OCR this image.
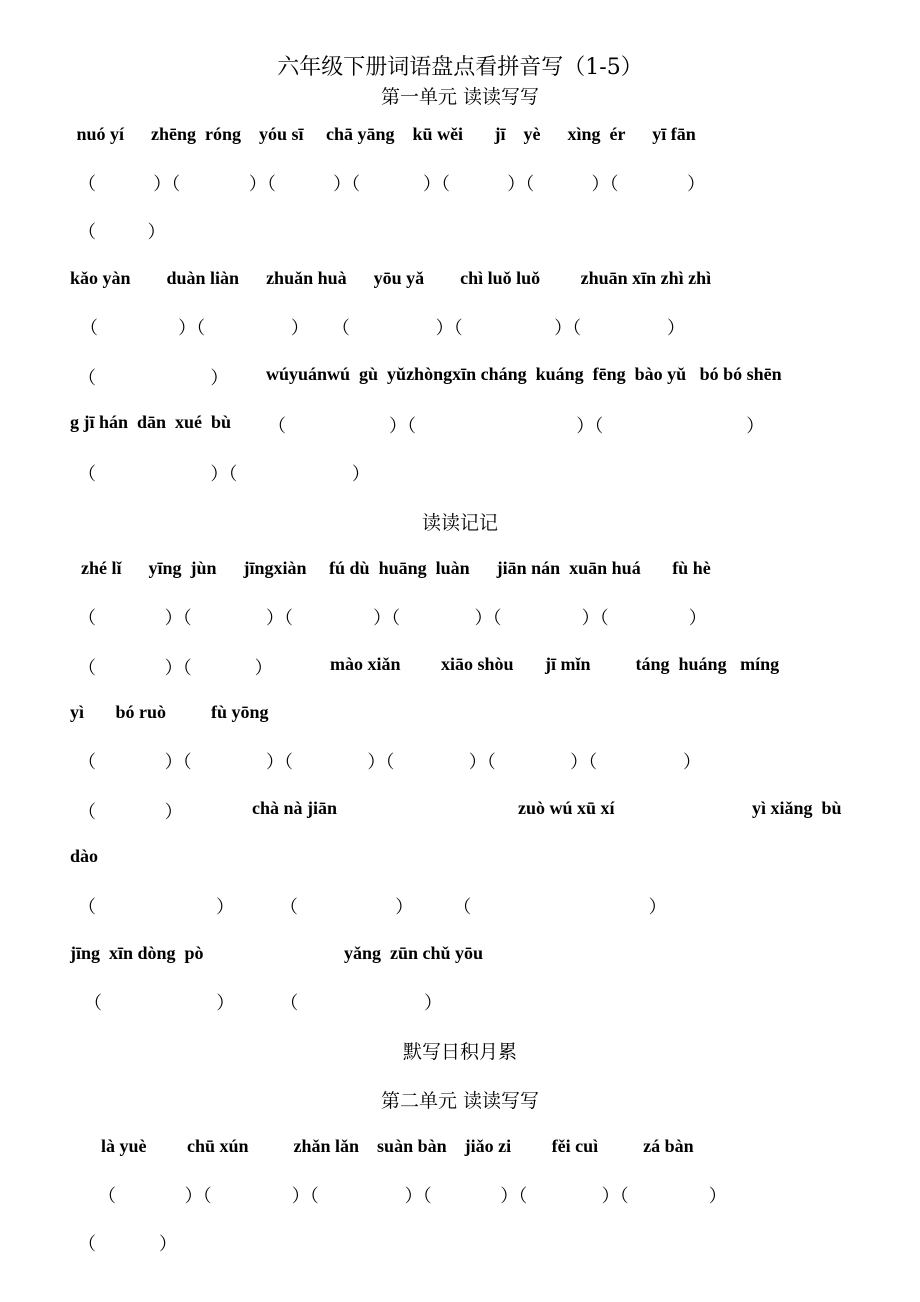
六年级下册词语盘点看拼音写（1-5）
第一单元 读读写写
nuó yí      zhēng  róng    yóu sī     chā yāng    kū wěi       jī    yè      xìng  ér      yī fān
（          ）（            ）（          ）（           ）（          ）（          ）（            ）
（         ）
kǎo yàn        duàn liàn      zhuǎn huà      yōu yǎ        chì luǒ luǒ         zhuān xīn zhì zhì
（              ）（               ）    （               ）（                ）（               ）
（                    ） wúyuánwú  gù  yǔzhòngxīn cháng  kuáng  fēng  bào yǔ   bó bó shēn
g jī hán  dān  xué  bù （                  ）（                            ）（                         ）
（                    ）（                    ）
读读记记
zhé lǐ      yīng  jùn      jīngxiàn     fú dù  huāng  luàn      jiān nán  xuān huá       fù hè
（            ）（             ）（              ）（             ）（              ）（              ）
（            ）（           ）	mào xiǎn         xiāo shòu       jī mǐn          táng  huáng   míng
yì       bó ruò          fù yōng
（            ）（             ）（             ）（             ）（             ）（               ）
（            ）	chà nà jiān	zuò wú xū xí	yì xiǎng  bù
dào
（                     ）        （                 ）       （                               ）
jīng  xīn dòng  pò	yǎng  zūn chǔ yōu
（                    ）        （                      ）
默写日积月累
第二单元 读读写写
là yuè         chū xún          zhǎn lǎn    suàn bàn    jiǎo zi         fěi cuì          zá bàn
（            ）（              ）（               ）（            ）（             ）（              ）
（           ）
